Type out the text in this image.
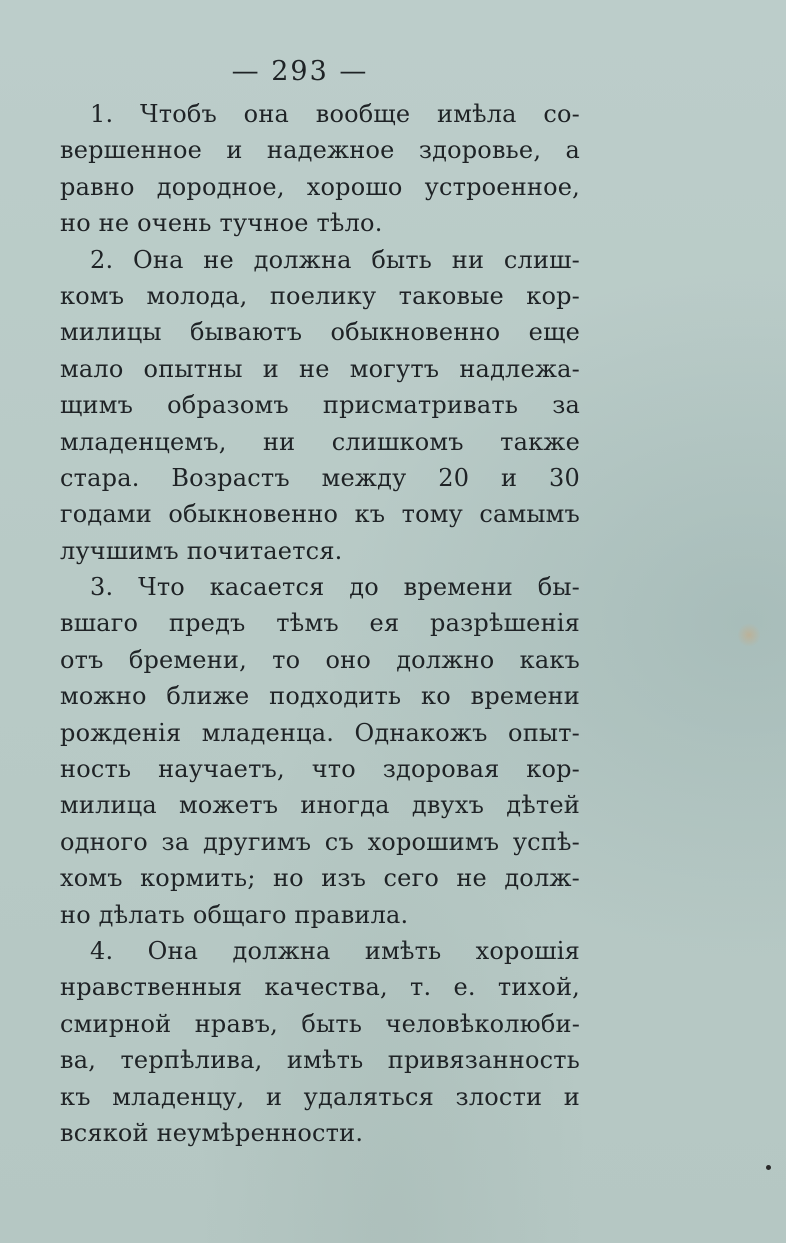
— 293 —
1. Чтобъ она вообще имѣла со-
вершенное и надежное здоровье, а
равно дородное, хорошо устроенное,
но не очень тучное тѣло.
2. Она не должна быть ни слиш-
комъ молода, поелику таковые кор-
милицы бываютъ обыкновенно еще
мало опытны и не могутъ надлежа-
щимъ образомъ присматривать за
младенцемъ, ни слишкомъ также
стара. Возрастъ между 20 и 30
годами обыкновенно къ тому самымъ
лучшимъ почитается.
3. Что касается до времени бы-
вшаго предъ тѣмъ ея разрѣшенія
отъ бремени, то оно должно какъ
можно ближе подходить ко времени
рожденія младенца. Однакожъ опыт-
ность научаетъ, что здоровая кор-
милица можетъ иногда двухъ дѣтей
одного за другимъ съ хорошимъ успѣ-
хомъ кормить; но изъ сего не долж-
но дѣлать общаго правила.
4. Она должна имѣть хорошія
нравственныя качества, т. е. тихой,
смирной нравъ, быть человѣколюби-
ва, терпѣлива, имѣть привязанность
къ младенцу, и удаляться злости и
всякой неумѣренности.
